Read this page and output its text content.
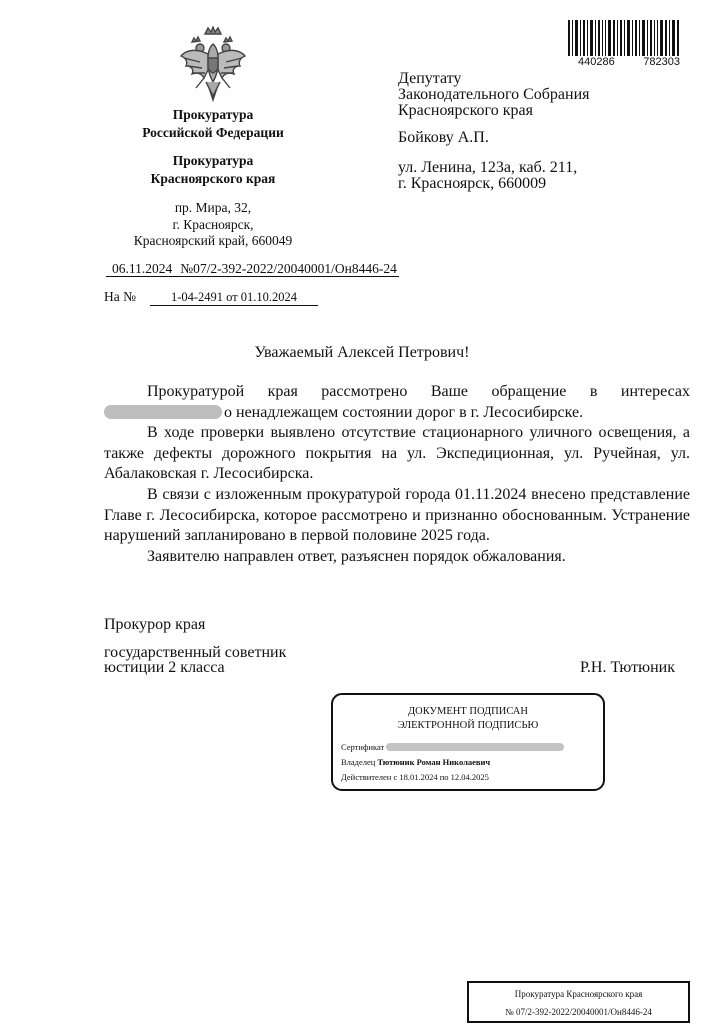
440286	782303
Прокуратура
Российской Федерации
Прокуратура
Красноярского края
пр. Мира, 32,
г. Красноярск,
Красноярский край, 660049
06.11.2024 №07/2-392-2022/20040001/Он8446-24
На №	1-04-2491 от 01.10.2024
Депутату
Законодательного Собрания
Красноярского края
Бойкову А.П.
ул. Ленина, 123а, каб. 211,
г. Красноярск, 660009
Уважаемый Алексей Петрович!

Прокуратурой края рассмотрено Ваше обращение в интересах о ненадлежащем состоянии дорог в г. Лесосибирске.

В ходе проверки выявлено отсутствие стационарного уличного освещения, а также дефекты дорожного покрытия на ул. Экспедиционная, ул. Ручейная, ул. Абалаковская г. Лесосибирска.

В связи с изложенным прокуратурой города 01.11.2024 внесено представление Главе г. Лесосибирска, которое рассмотрено и признанно обоснованным. Устранение нарушений запланировано в первой половине 2025 года.

Заявителю направлен ответ, разъяснен порядок обжалования.

Прокурор края
государственный советник
юстиции 2 класса	Р.Н. Тютюник
ДОКУМЕНТ ПОДПИСАН
ЭЛЕКТРОННОЙ ПОДПИСЬЮ
Сертификат
Владелец Тютюник Роман Николаевич
Действителен с 18.01.2024 по 12.04.2025
Прокуратура Красноярского края
№ 07/2-392-2022/20040001/Он8446-24
